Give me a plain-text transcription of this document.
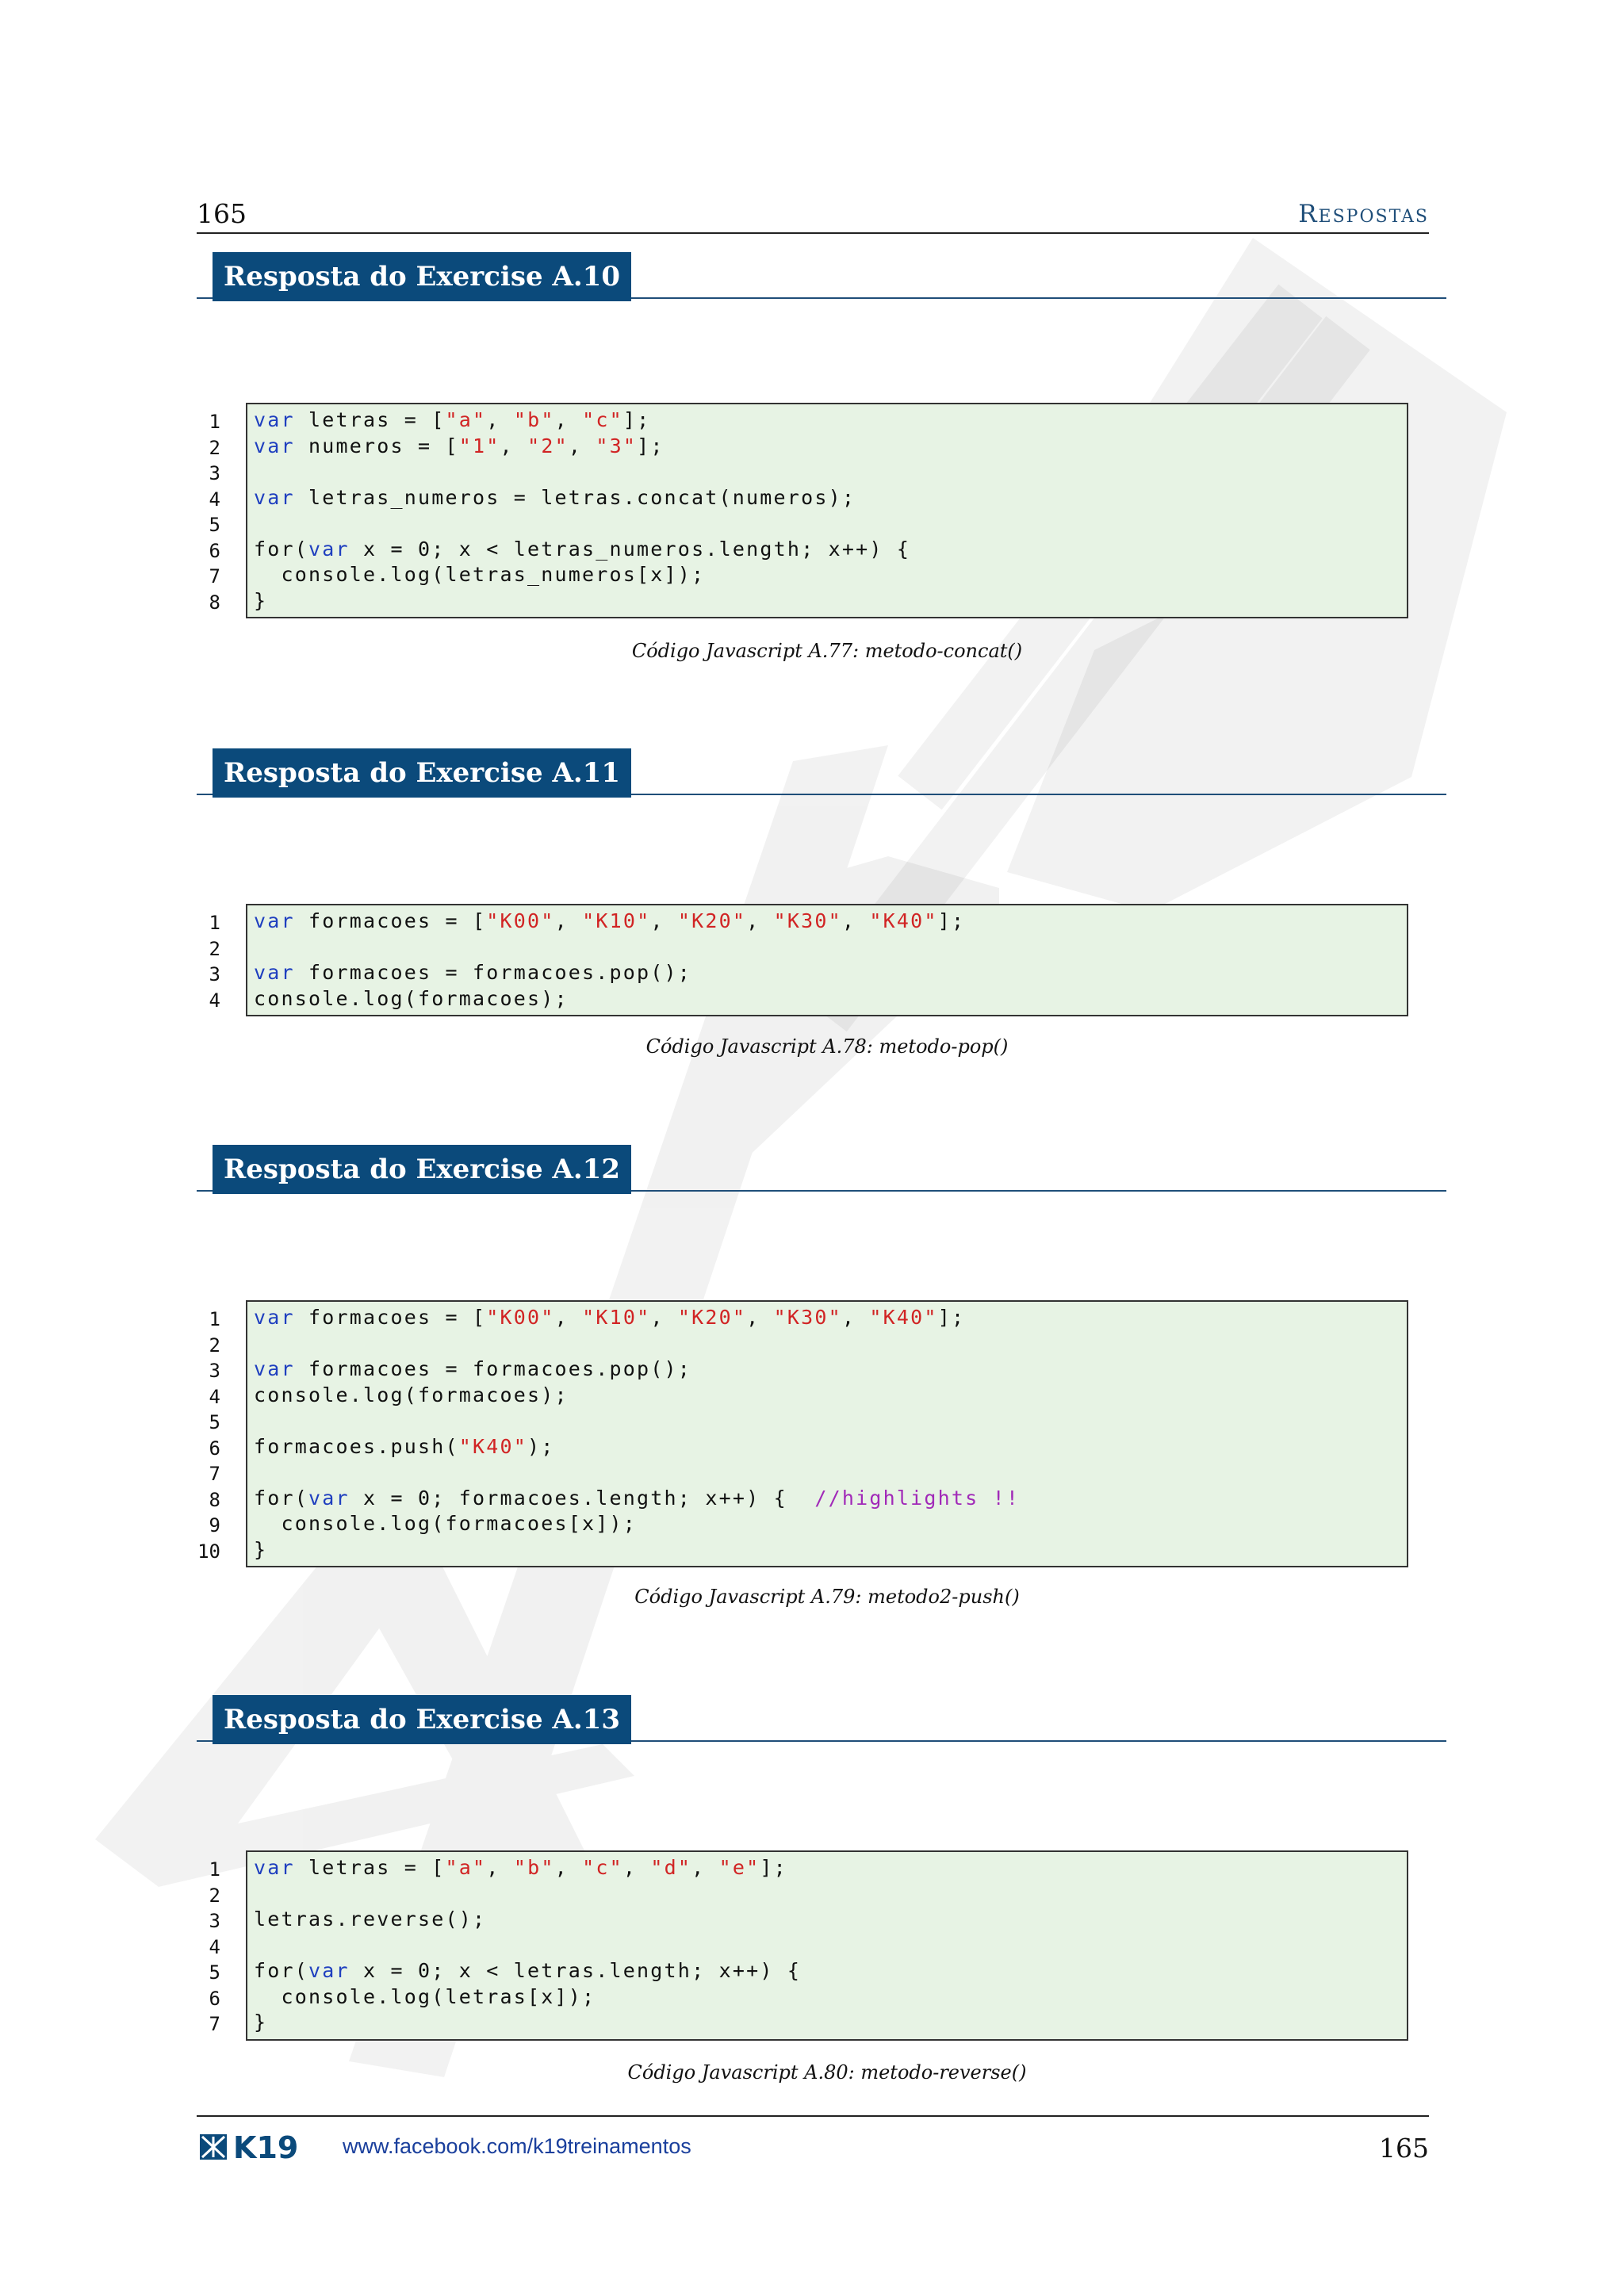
165	Respostas
Resposta do Exercise A.10
1
2
3
4
5
6
7
8
var letras = ["a", "b", "c"];
var numeros = ["1", "2", "3"];

var letras_numeros = letras.concat(numeros);

for(var x = 0; x < letras_numeros.length; x++) {
console.log(letras_numeros[x]);
}
Código Javascript A.77: metodo-concat()
Resposta do Exercise A.11
1
2
3
4
var formacoes = ["K00", "K10", "K20", "K30", "K40"];

var formacoes = formacoes.pop();
console.log(formacoes);
Código Javascript A.78: metodo-pop()
Resposta do Exercise A.12
1
2
3
4
5
6
7
8
9
10
var formacoes = ["K00", "K10", "K20", "K30", "K40"];

var formacoes = formacoes.pop();
console.log(formacoes);

formacoes.push("K40");

for(var x = 0; formacoes.length; x++) {  //highlights !!
console.log(formacoes[x]);
}
Código Javascript A.79: metodo2-push()
Resposta do Exercise A.13
1
2
3
4
5
6
7
var letras = ["a", "b", "c", "d", "e"];

letras.reverse();

for(var x = 0; x < letras.length; x++) {
console.log(letras[x]);
}
Código Javascript A.80: metodo-reverse()
K19 www.facebook.com/k19treinamentos	165
